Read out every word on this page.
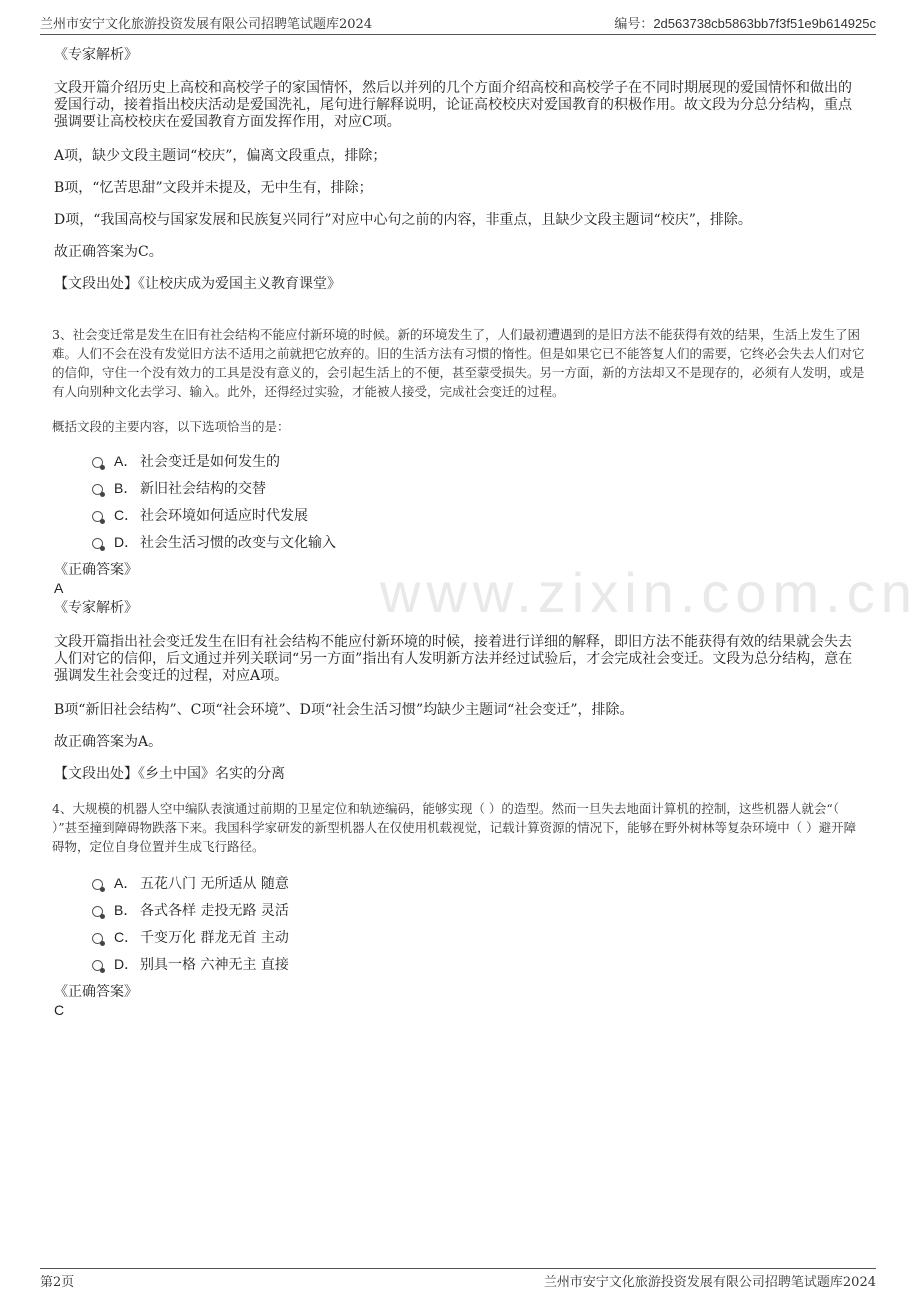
兰州市安宁文化旅游投资发展有限公司招聘笔试题库2024	编号：2d563738cb5863bb7f3f51e9b614925c
www.zixin.com.cn
《专家解析》
文段开篇介绍历史上高校和高校学子的家国情怀，然后以并列的几个方面介绍高校和高校学子在不同时期展现的爱国情怀和做出的爱国行动，接着指出校庆活动是爱国洗礼，尾句进行解释说明，论证高校校庆对爱国教育的积极作用。故文段为分总分结构，重点强调要让高校校庆在爱国教育方面发挥作用，对应C项。
A项，缺少文段主题词“校庆”，偏离文段重点，排除；
B项，“忆苦思甜”文段并未提及，无中生有，排除；
D项，“我国高校与国家发展和民族复兴同行”对应中心句之前的内容，非重点，且缺少文段主题词“校庆”，排除。
故正确答案为C。
【文段出处】《让校庆成为爱国主义教育课堂》
3、社会变迁常是发生在旧有社会结构不能应付新环境的时候。新的环境发生了，人们最初遭遇到的是旧方法不能获得有效的结果，生活上发生了困难。人们不会在没有发觉旧方法不适用之前就把它放弃的。旧的生活方法有习惯的惰性。但是如果它已不能答复人们的需要，它终必会失去人们对它的信仰，守住一个没有效力的工具是没有意义的，会引起生活上的不便，甚至蒙受损失。另一方面，新的方法却又不是现存的，必须有人发明，或是有人向别种文化去学习、输入。此外，还得经过实验，才能被人接受，完成社会变迁的过程。
概括文段的主要内容，以下选项恰当的是：
A． 社会变迁是如何发生的
B． 新旧社会结构的交替
C． 社会环境如何适应时代发展
D． 社会生活习惯的改变与文化输入
《正确答案》
A
《专家解析》
文段开篇指出社会变迁发生在旧有社会结构不能应付新环境的时候，接着进行详细的解释，即旧方法不能获得有效的结果就会失去人们对它的信仰，后文通过并列关联词“另一方面”指出有人发明新方法并经过试验后，才会完成社会变迁。文段为总分结构，意在强调发生社会变迁的过程，对应A项。
B项“新旧社会结构”、C项“社会环境”、D项“社会生活习惯”均缺少主题词“社会变迁”，排除。
故正确答案为A。
【文段出处】《乡土中国》名实的分离
4、大规模的机器人空中编队表演通过前期的卫星定位和轨迹编码，能够实现（ ）的造型。然而一旦失去地面计算机的控制，这些机器人就会“（ ）”甚至撞到障碍物跌落下来。我国科学家研发的新型机器人在仅使用机载视觉，记载计算资源的情况下，能够在野外树林等复杂环境中（ ）避开障碍物，定位自身位置并生成飞行路径。
A． 五花八门 无所适从 随意
B． 各式各样 走投无路 灵活
C． 千变万化 群龙无首 主动
D． 别具一格 六神无主 直接
《正确答案》
C
第2页	兰州市安宁文化旅游投资发展有限公司招聘笔试题库2024
